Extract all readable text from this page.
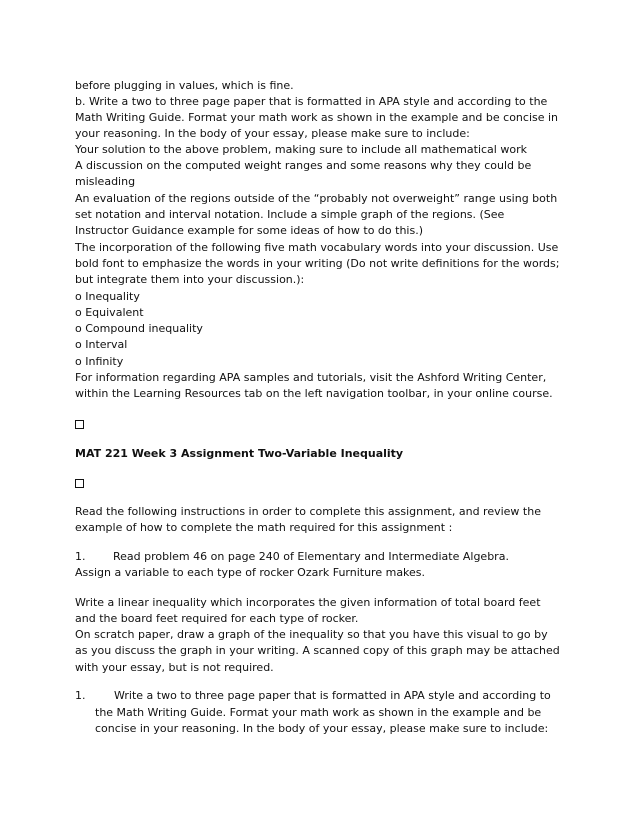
before plugging in values, which is fine.

b. Write a two to three page paper that is formatted in APA style and according to the

Math Writing Guide. Format your math work as shown in the example and be concise in

your reasoning. In the body of your essay, please make sure to include:

Your solution to the above problem, making sure to include all mathematical work

A discussion on the computed weight ranges and some reasons why they could be

misleading

An evaluation of the regions outside of the “probably not overweight” range using both

set notation and interval notation. Include a simple graph of the regions. (See

Instructor Guidance example for some ideas of how to do this.)

The incorporation of the following five math vocabulary words into your discussion. Use

bold font to emphasize the words in your writing (Do not write definitions for the words;

but integrate them into your discussion.):

o Inequality

o Equivalent

o Compound inequality

o Interval

o Infinity

For information regarding APA samples and tutorials, visit the Ashford Writing Center,

within the Learning Resources tab on the left navigation toolbar, in your online course.

MAT 221 Week 3 Assignment Two-Variable Inequality

Read the following instructions in order to complete this assignment, and review the

example of how to complete the math required for this assignment :

1.	Read problem 46 on page 240 of Elementary and Intermediate Algebra.

Assign a variable to each type of rocker Ozark Furniture makes.

Write a linear inequality which incorporates the given information of total board feet

and the board feet required for each type of rocker.

On scratch paper, draw a graph of the inequality so that you have this visual to go by

as you discuss the graph in your writing. A scanned copy of this graph may be attached

with your essay, but is not required.

1.	Write a two to three page paper that is formatted in APA style and according to

the Math Writing Guide. Format your math work as shown in the example and be

concise in your reasoning. In the body of your essay, please make sure to include:
